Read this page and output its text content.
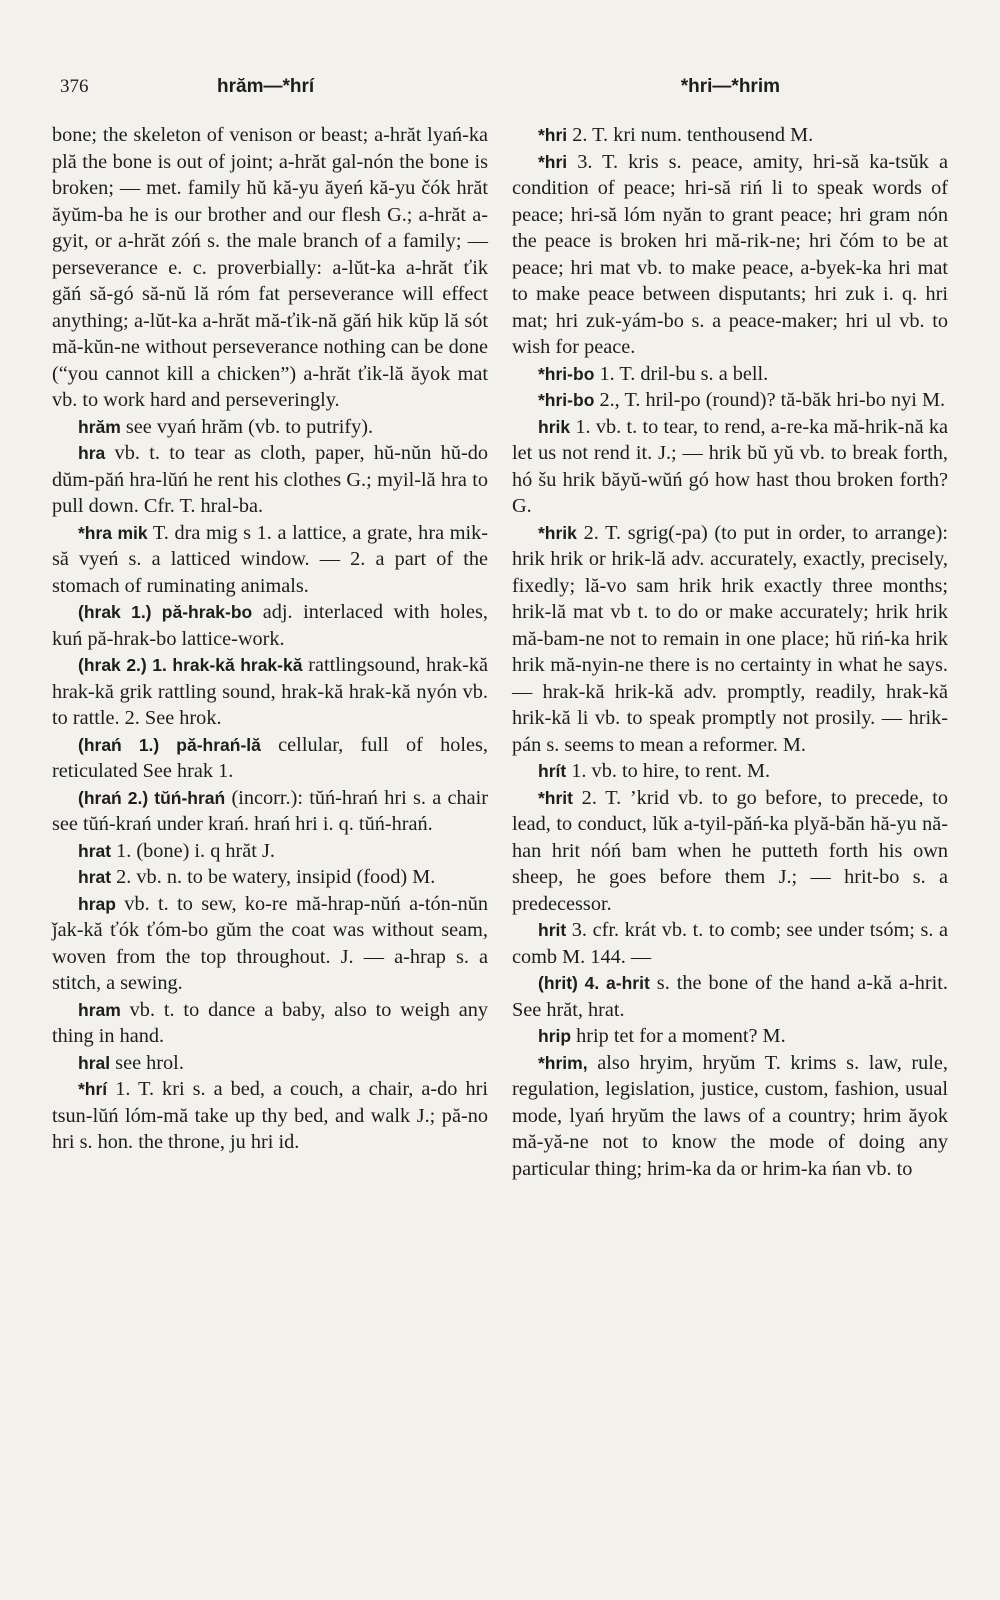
376	hrăm—*hrí	*hri—*hrim

bone; the skeleton of venison or beast; a-hrăt lyań-ka plă the bone is out of joint; a-hrăt gal-nón the bone is broken; — met. family hŭ kă-yu ăyeń kă-yu čók hrăt ăyŭm-ba he is our brother and our flesh G.; a-hrăt a-gyit, or a-hrăt zóń s. the male branch of a family; — perseverance e. c. proverbially: a-lŭt-ka a-hrăt ťik găń să-gó să-nŭ lă róm fat perseverance will effect anything; a-lŭt-ka a-hrăt mă-ťik-nă găń hik kŭp lă sót mă-kŭn-ne without perseverance nothing can be done (“you cannot kill a chicken”) a-hrăt ťik-lă ăyok mat vb. to work hard and perseveringly.

hrăm see vyań hrăm (vb. to putrify).

hra vb. t. to tear as cloth, paper, hŭ-nŭn hŭ-do dŭm-păń hra-lŭń he rent his clothes G.; myil-lă hra to pull down. Cfr. T. hral-ba.

*hra mik T. dra mig s 1. a lattice, a grate, hra mik-să vyeń s. a latticed window. — 2. a part of the stomach of ruminating animals.

(hrak 1.) pă-hrak-bo adj. interlaced with holes, kuń pă-hrak-bo lattice-work.

(hrak 2.) 1. hrak-kă hrak-kă rattlingsound, hrak-kă hrak-kă grik rattling sound, hrak-kă hrak-kă nyón vb. to rattle. 2. See hrok.

(hrań 1.) pă-hrań-lă cellular, full of holes, reticulated See hrak 1.

(hrań 2.) tŭń-hrań (incorr.): tŭń-hrań hri s. a chair see tŭń-krań under krań. hrań hri i. q. tŭń-hrań.

hrat 1. (bone) i. q hrăt J.

hrat 2. vb. n. to be watery, insipid (food) M.

hrap vb. t. to sew, ko-re mă-hrap-nŭń a-tón-nŭn ǰak-kă ťók ťóm-bo gŭm the coat was without seam, woven from the top throughout. J. — a-hrap s. a stitch, a sewing.

hram vb. t. to dance a baby, also to weigh any thing in hand.

hral see hrol.

*hrí 1. T. kri s. a bed, a couch, a chair, a-do hri tsun-lŭń lóm-mă take up thy bed, and walk J.; pă-no hri s. hon. the throne, ju hri id.

*hri 2. T. kri num. tenthousend M.

*hri 3. T. kris s. peace, amity, hri-să ka-tsŭk a condition of peace; hri-să riń li to speak words of peace; hri-să lóm nyăn to grant peace; hri gram nón the peace is broken hri mă-rik-ne; hri čóm to be at peace; hri mat vb. to make peace, a-byek-ka hri mat to make peace between disputants; hri zuk i. q. hri mat; hri zuk-yám-bo s. a peace-maker; hri ul vb. to wish for peace.

*hri-bo 1. T. dril-bu s. a bell.

*hri-bo 2., T. hril-po (round)? tă-băk hri-bo nyi M.

hrik 1. vb. t. to tear, to rend, a-re-ka mă-hrik-nă ka let us not rend it. J.; — hrik bŭ yŭ vb. to break forth, hó šu hrik băyŭ-wŭń gó how hast thou broken forth? G.

*hrik 2. T. sgrig(-pa) (to put in order, to arrange): hrik hrik or hrik-lă adv. accurately, exactly, precisely, fixedly; lă-vo sam hrik hrik exactly three months; hrik-lă mat vb t. to do or make accurately; hrik hrik mă-bam-ne not to remain in one place; hŭ riń-ka hrik hrik mă-nyin-ne there is no certainty in what he says. — hrak-kă hrik-kă adv. promptly, readily, hrak-kă hrik-kă li vb. to speak promptly not prosily. — hrik-pán s. seems to mean a reformer. M.

hrít 1. vb. to hire, to rent. M.

*hrit 2. T. ’krid vb. to go before, to precede, to lead, to conduct, lŭk a-tyil-păń-ka plyă-băn hă-yu nă-han hrit nóń bam when he putteth forth his own sheep, he goes before them J.; — hrit-bo s. a predecessor.

hrit 3. cfr. krát vb. t. to comb; see under tsóm; s. a comb M. 144. —

(hrit) 4. a-hrit s. the bone of the hand a-kă a-hrit. See hrăt, hrat.

hrip hrip tet for a moment? M.

*hrim, also hryim, hryŭm T. krims s. law, rule, regulation, legislation, justice, custom, fashion, usual mode, lyań hryŭm the laws of a country; hrim ăyok mă-yă-ne not to know the mode of doing any particular thing; hrim-ka da or hrim-ka ńan vb. to
